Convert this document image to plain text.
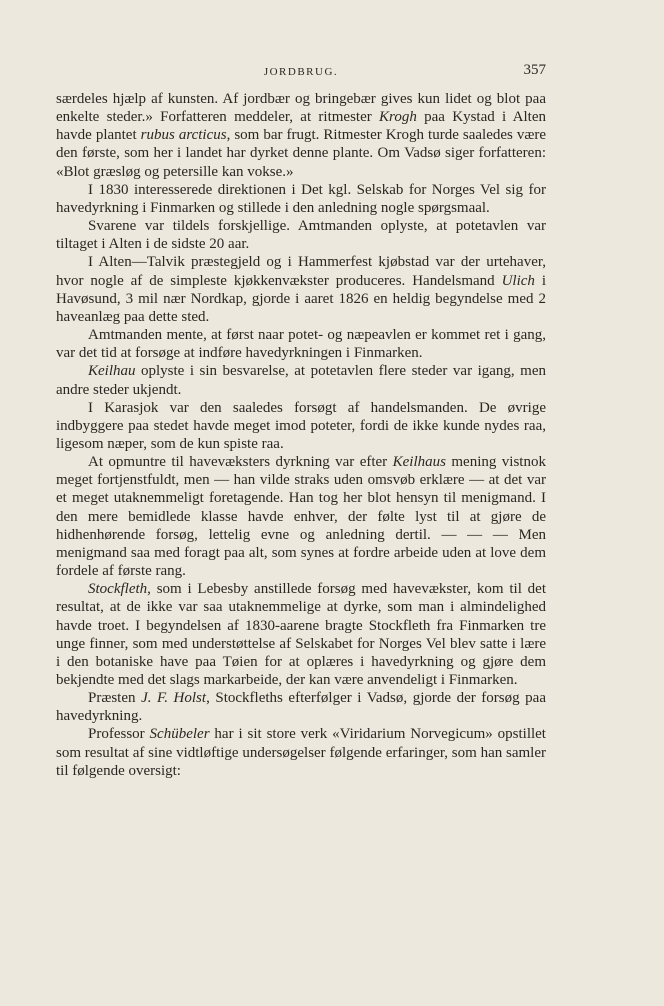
JORDBRUG.	357

særdeles hjælp af kunsten. Af jordbær og bringebær gives kun lidet og blot paa enkelte steder.» Forfatteren meddeler, at ritmester Krogh paa Kystad i Alten havde plantet rubus arcticus, som bar frugt. Ritmester Krogh turde saaledes være den første, som her i landet har dyrket denne plante. Om Vadsø siger forfatteren: «Blot græsløg og petersille kan vokse.»

I 1830 interesserede direktionen i Det kgl. Selskab for Norges Vel sig for havedyrkning i Finmarken og stillede i den anledning nogle spørgsmaal.

Svarene var tildels forskjellige. Amtmanden oplyste, at potetavlen var tiltaget i Alten i de sidste 20 aar.

I Alten—Talvik præstegjeld og i Hammerfest kjøbstad var der urtehaver, hvor nogle af de simpleste kjøkkenvækster produceres. Handelsmand Ulich i Havøsund, 3 mil nær Nordkap, gjorde i aaret 1826 en heldig begyndelse med 2 haveanlæg paa dette sted.

Amtmanden mente, at først naar potet- og næpeavlen er kommet ret i gang, var det tid at forsøge at indføre havedyrkningen i Finmarken.

Keilhau oplyste i sin besvarelse, at potetavlen flere steder var igang, men andre steder ukjendt.

I Karasjok var den saaledes forsøgt af handelsmanden. De øvrige indbyggere paa stedet havde meget imod poteter, fordi de ikke kunde nydes raa, ligesom næper, som de kun spiste raa.

At opmuntre til havevæksters dyrkning var efter Keilhaus mening vistnok meget fortjenstfuldt, men — han vilde straks uden omsvøb erklære — at det var et meget utaknemmeligt foretagende. Han tog her blot hensyn til menigmand. I den mere bemidlede klasse havde enhver, der følte lyst til at gjøre de hidhenhørende forsøg, lettelig evne og anledning dertil. — — — Men menigmand saa med foragt paa alt, som synes at fordre arbeide uden at love dem fordele af første rang.

Stockfleth, som i Lebesby anstillede forsøg med havevækster, kom til det resultat, at de ikke var saa utaknemmelige at dyrke, som man i almindelighed havde troet. I begyndelsen af 1830-aarene bragte Stockfleth fra Finmarken tre unge finner, som med understøttelse af Selskabet for Norges Vel blev satte i lære i den botaniske have paa Tøien for at oplæres i havedyrkning og gjøre dem bekjendte med det slags markarbeide, der kan være anvendeligt i Finmarken.

Præsten J. F. Holst, Stockfleths efterfølger i Vadsø, gjorde der forsøg paa havedyrkning.

Professor Schübeler har i sit store verk «Viridarium Norvegicum» opstillet som resultat af sine vidtløftige undersøgelser følgende erfaringer, som han samler til følgende oversigt:
